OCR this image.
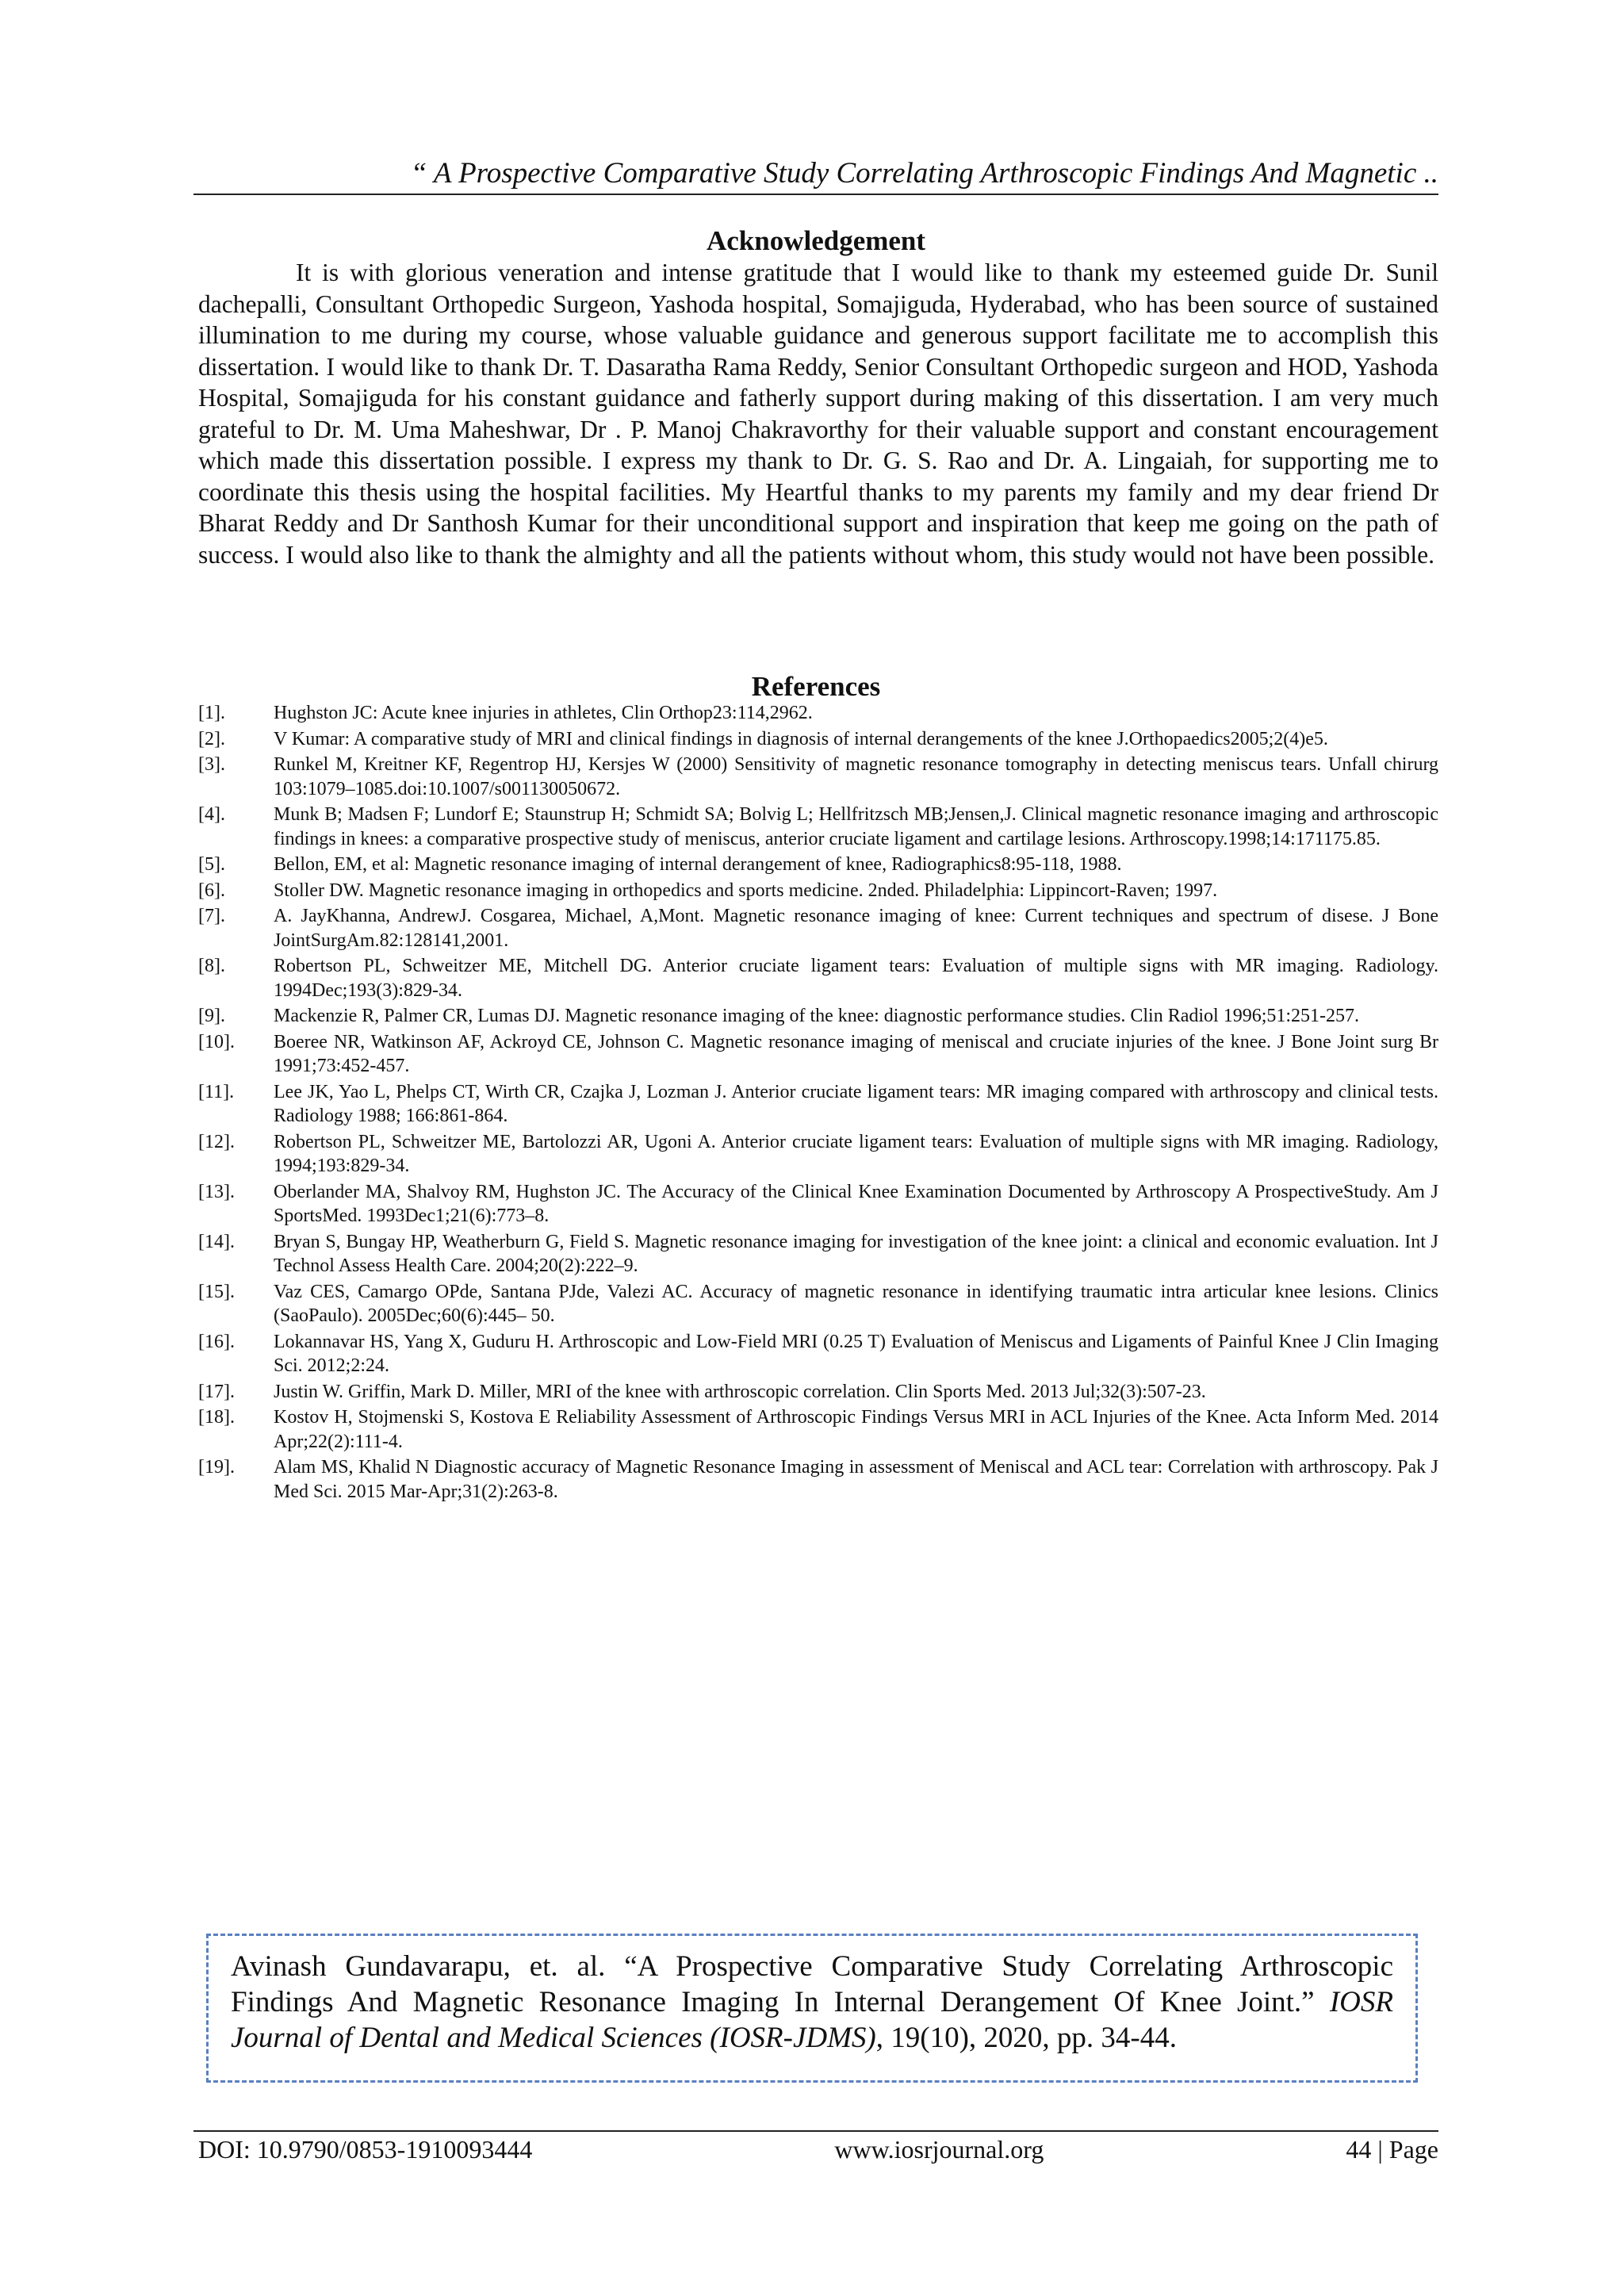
“ A Prospective Comparative Study Correlating Arthroscopic Findings And Magnetic ..
Acknowledgement

It is with glorious veneration and intense gratitude that I would like to thank my esteemed guide Dr. Sunil dachepalli, Consultant Orthopedic Surgeon, Yashoda hospital, Somajiguda, Hyderabad, who has been source of sustained illumination to me during my course, whose valuable guidance and generous support facilitate me to accomplish this dissertation. I would like to thank Dr. T. Dasaratha Rama Reddy, Senior Consultant Orthopedic surgeon and HOD, Yashoda Hospital, Somajiguda for his constant guidance and fatherly support during making of this dissertation. I am very much grateful to Dr. M. Uma Maheshwar, Dr . P. Manoj Chakravorthy for their valuable support and constant encouragement which made this dissertation possible. I express my thank to Dr. G. S. Rao and Dr. A. Lingaiah, for supporting me to coordinate this thesis using the hospital facilities. My Heartful thanks to my parents my family and my dear friend Dr Bharat Reddy and Dr Santhosh Kumar for their unconditional support and inspiration that keep me going on the path of success. I would also like to thank the almighty and all the patients without whom, this study would not have been possible.

References
[1].	Hughston JC: Acute knee injuries in athletes, Clin Orthop23:114,2962.
[2].	V Kumar: A comparative study of MRI and clinical findings in diagnosis of internal derangements of the knee J.Orthopaedics2005;2(4)e5.
[3].	Runkel M, Kreitner KF, Regentrop HJ, Kersjes W (2000) Sensitivity of magnetic resonance tomography in detecting meniscus tears. Unfall chirurg 103:1079–1085.doi:10.1007/s001130050672.
[4].	Munk B; Madsen F; Lundorf E; Staunstrup H; Schmidt SA; Bolvig L; Hellfritzsch MB;Jensen,J. Clinical magnetic resonance imaging and arthroscopic findings in knees: a comparative prospective study of meniscus, anterior cruciate ligament and cartilage lesions. Arthroscopy.1998;14:171175.85.
[5].	Bellon, EM, et al: Magnetic resonance imaging of internal derangement of knee, Radiographics8:95-118, 1988.
[6].	Stoller DW. Magnetic resonance imaging in orthopedics and sports medicine. 2nded. Philadelphia: Lippincort-Raven; 1997.
[7].	A. JayKhanna, AndrewJ. Cosgarea, Michael, A,Mont. Magnetic resonance imaging of knee: Current techniques and spectrum of disese. J Bone JointSurgAm.82:128141,2001.
[8].	Robertson PL, Schweitzer ME, Mitchell DG. Anterior cruciate ligament tears: Evaluation of multiple signs with MR imaging. Radiology. 1994Dec;193(3):829-34.
[9].	Mackenzie R, Palmer CR, Lumas DJ. Magnetic resonance imaging of the knee: diagnostic performance studies. Clin Radiol 1996;51:251-257.
[10].	Boeree NR, Watkinson AF, Ackroyd CE, Johnson C. Magnetic resonance imaging of meniscal and cruciate injuries of the knee. J Bone Joint surg Br 1991;73:452-457.
[11].	Lee JK, Yao L, Phelps CT, Wirth CR, Czajka J, Lozman J. Anterior cruciate ligament tears: MR imaging compared with arthroscopy and clinical tests. Radiology 1988; 166:861-864.
[12].	Robertson PL, Schweitzer ME, Bartolozzi AR, Ugoni A. Anterior cruciate ligament tears: Evaluation of multiple signs with MR imaging. Radiology, 1994;193:829-34.
[13].	Oberlander MA, Shalvoy RM, Hughston JC. The Accuracy of the Clinical Knee Examination Documented by Arthroscopy A ProspectiveStudy. Am J SportsMed. 1993Dec1;21(6):773–8.
[14].	Bryan S, Bungay HP, Weatherburn G, Field S. Magnetic resonance imaging for investigation of the knee joint: a clinical and economic evaluation. Int J Technol Assess Health Care. 2004;20(2):222–9.
[15].	Vaz CES, Camargo OPde, Santana PJde, Valezi AC. Accuracy of magnetic resonance in identifying traumatic intra articular knee lesions. Clinics (SaoPaulo). 2005Dec;60(6):445– 50.
[16].	Lokannavar HS, Yang X, Guduru H. Arthroscopic and Low-Field MRI (0.25 T) Evaluation of Meniscus and Ligaments of Painful Knee J Clin Imaging Sci. 2012;2:24.
[17].	Justin W. Griffin, Mark D. Miller, MRI of the knee with arthroscopic correlation. Clin Sports Med. 2013 Jul;32(3):507-23.
[18].	Kostov H, Stojmenski S, Kostova E Reliability Assessment of Arthroscopic Findings Versus MRI in ACL Injuries of the Knee. Acta Inform Med. 2014 Apr;22(2):111-4.
[19].	Alam MS, Khalid N Diagnostic accuracy of Magnetic Resonance Imaging in assessment of Meniscal and ACL tear: Correlation with arthroscopy. Pak J Med Sci. 2015 Mar-Apr;31(2):263-8.
Avinash Gundavarapu, et. al. “A Prospective Comparative Study Correlating Arthroscopic Findings And Magnetic Resonance Imaging In Internal Derangement Of Knee Joint.” IOSR Journal of Dental and Medical Sciences (IOSR-JDMS), 19(10), 2020, pp. 34-44.
DOI: 10.9790/0853-1910093444	www.iosrjournal.org	44 | Page
